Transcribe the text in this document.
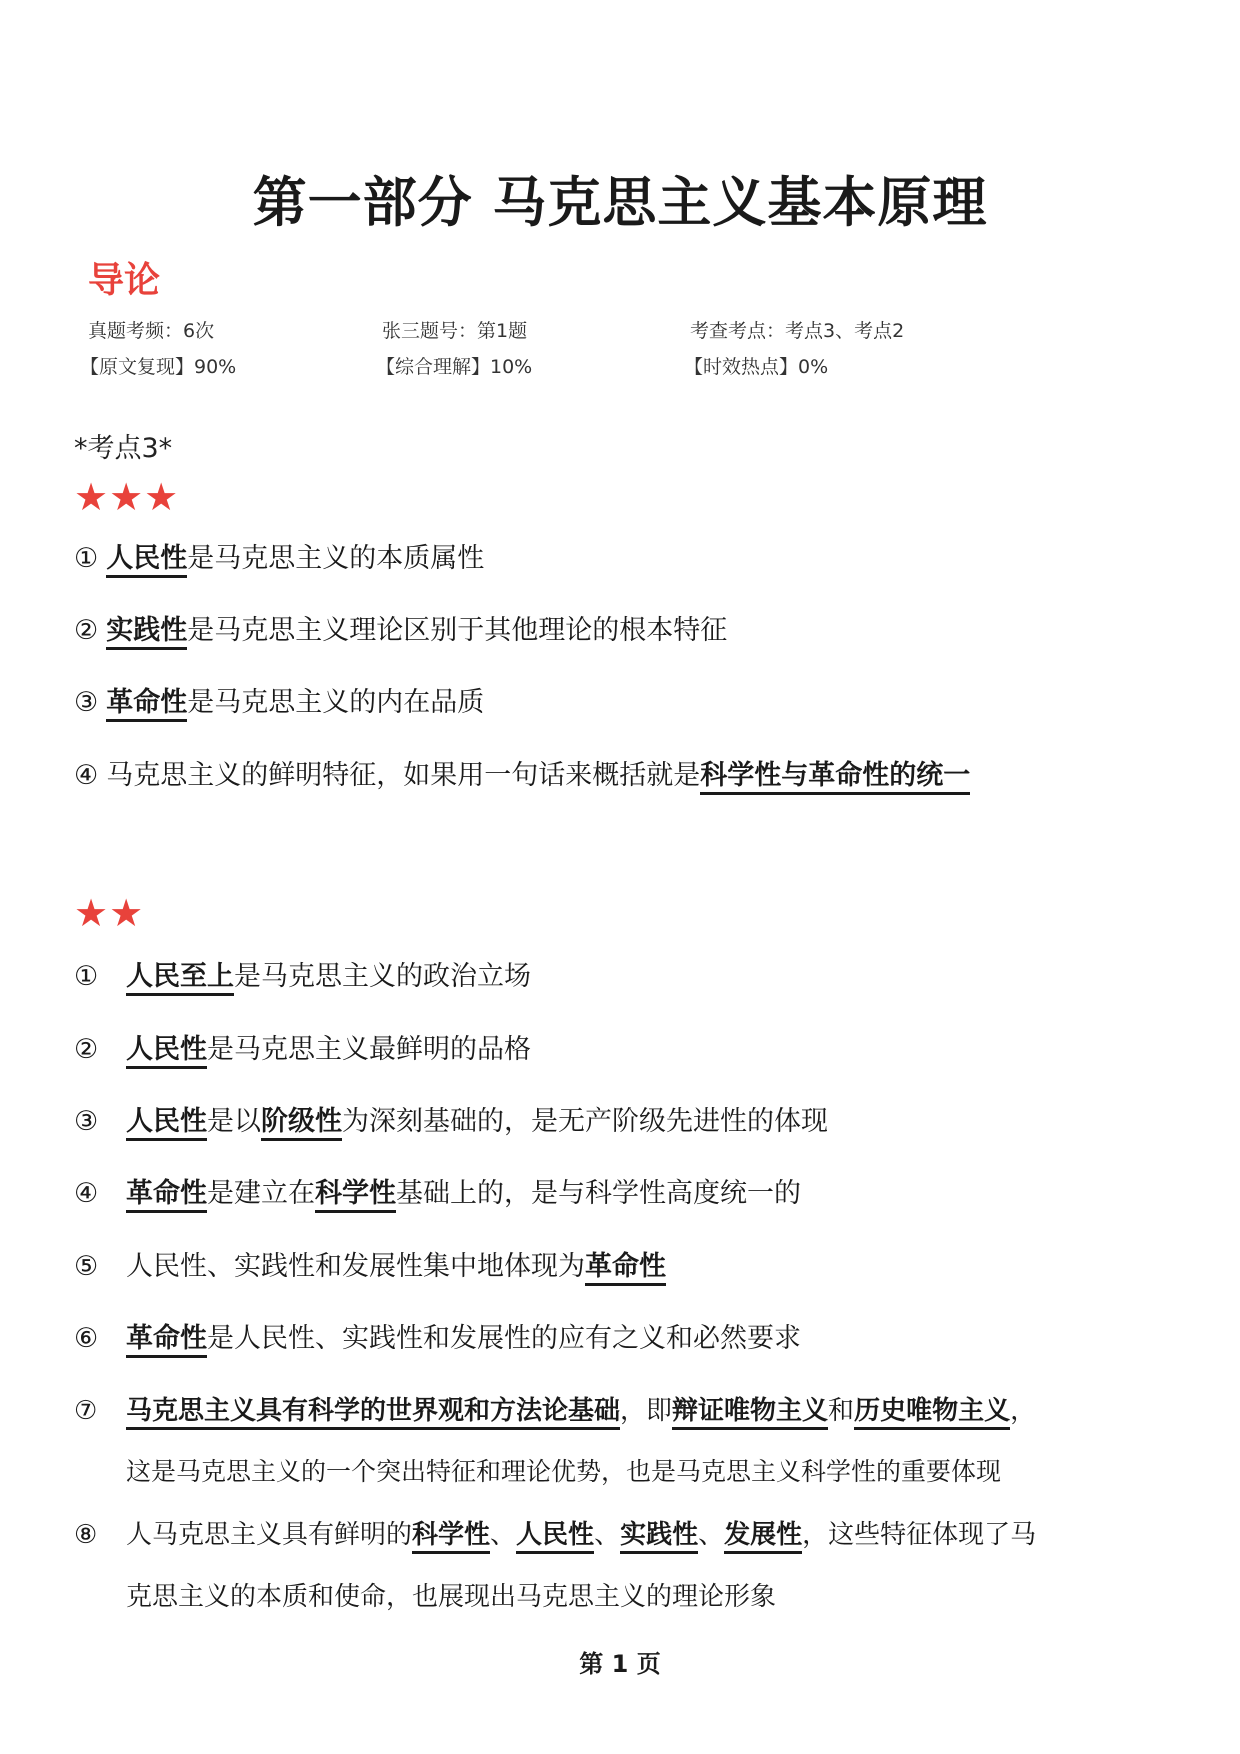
第一部分 马克思主义基本原理
导论
真题考频：6次	张三题号：第1题	考查考点：考点3、考点2
【原文复现】90%	【综合理解】10%	【时效热点】0%
*考点3*
★★★
① 人民性是马克思主义的本质属性
② 实践性是马克思主义理论区别于其他理论的根本特征
③ 革命性是马克思主义的内在品质
④ 马克思主义的鲜明特征，如果用一句话来概括就是科学性与革命性的统一
★★
① 人民至上是马克思主义的政治立场
② 人民性是马克思主义最鲜明的品格
③ 人民性是以阶级性为深刻基础的，是无产阶级先进性的体现
④ 革命性是建立在科学性基础上的，是与科学性高度统一的
⑤ 人民性、实践性和发展性集中地体现为革命性
⑥ 革命性是人民性、实践性和发展性的应有之义和必然要求
⑦ 马克思主义具有科学的世界观和方法论基础，即辩证唯物主义和历史唯物主义，
这是马克思主义的一个突出特征和理论优势，也是马克思主义科学性的重要体现
⑧ 人马克思主义具有鲜明的科学性、人民性、实践性、发展性，这些特征体现了马
克思主义的本质和使命，也展现出马克思主义的理论形象
第 1 页
